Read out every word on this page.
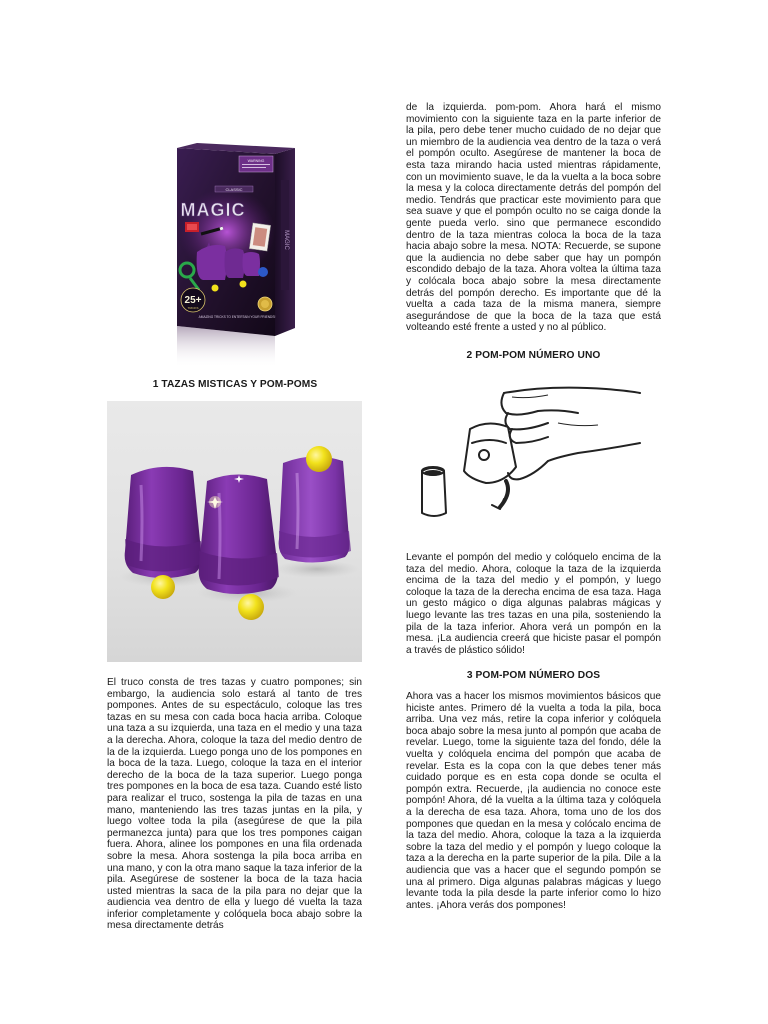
WARNING
CLASSIC
MAGIC
25+
TRICKS
AMAZING TRICKS TO ENTERTAIN YOUR FRIENDS!
MAGIC
1 TAZAS MISTICAS Y POM-POMS

El truco consta de tres tazas y cuatro pompones; sin embargo, la audiencia solo estará al tanto de tres pompones. Antes de su espectáculo, coloque las tres tazas en su mesa con cada boca hacia arriba. Coloque una taza a su izquierda, una taza en el medio y una taza a la derecha. Ahora, coloque la taza del medio dentro de la de la izquierda. Luego ponga uno de los pompones en la boca de la taza. Luego, coloque la taza en el interior derecho de la boca de la taza superior. Luego ponga tres pompones en la boca de esa taza. Cuando esté listo para realizar el truco, sostenga la pila de tazas en una mano, manteniendo las tres tazas juntas en la pila, y luego voltee toda la pila (asegúrese de que la pila permanezca junta) para que los tres pompones caigan fuera. Ahora, alinee los pompones en una fila ordenada sobre la mesa. Ahora sostenga la pila boca arriba en una mano, y con la otra mano saque la taza inferior de la pila. Asegúrese de sostener la boca de la taza hacia usted mientras la saca de la pila para no dejar que la audiencia vea dentro de ella y luego dé vuelta la taza inferior completamente y colóquela boca abajo sobre la mesa directamente detrás

de la izquierda. pom-pom. Ahora hará el mismo movimiento con la siguiente taza en la parte inferior de la pila, pero debe tener mucho cuidado de no dejar que un miembro de la audiencia vea dentro de la taza o verá el pompón oculto. Asegúrese de mantener la boca de esta taza mirando hacia usted mientras rápidamente, con un movimiento suave, le da la vuelta a la boca sobre la mesa y la coloca directamente detrás del pompón del medio. Tendrás que practicar este movimiento para que sea suave y que el pompón oculto no se caiga donde la gente pueda verlo. sino que permanece escondido dentro de la taza mientras coloca la boca de la taza hacia abajo sobre la mesa. NOTA: Recuerde, se supone que la audiencia no debe saber que hay un pompón escondido debajo de la taza. Ahora voltea la última taza y colócala boca abajo sobre la mesa directamente detrás del pompón derecho. Es importante que dé la vuelta a cada taza de la misma manera, siempre asegurándose de que la boca de la taza que está volteando esté frente a usted y no al público.

2 POM-POM NÚMERO UNO

Levante el pompón del medio y colóquelo encima de la taza del medio. Ahora, coloque la taza de la izquierda encima de la taza del medio y el pompón, y luego coloque la taza de la derecha encima de esa taza. Haga un gesto mágico o diga algunas palabras mágicas y luego levante las tres tazas en una pila, sosteniendo la pila de la taza inferior. Ahora verá un pompón en la mesa. ¡La audiencia creerá que hiciste pasar el pompón a través de plástico sólido!

3 POM-POM NÚMERO DOS

Ahora vas a hacer los mismos movimientos básicos que hiciste antes. Primero dé la vuelta a toda la pila, boca arriba. Una vez más, retire la copa inferior y colóquela boca abajo sobre la mesa junto al pompón que acaba de revelar. Luego, tome la siguiente taza del fondo, déle la vuelta y colóquela encima del pompón que acaba de revelar. Esta es la copa con la que debes tener más cuidado porque es en esta copa donde se oculta el pompón extra. Recuerde, ¡la audiencia no conoce este pompón! Ahora, dé la vuelta a la última taza y colóquela a la derecha de esa taza. Ahora, toma uno de los dos pompones que quedan en la mesa y colócalo encima de la taza del medio. Ahora, coloque la taza a la izquierda sobre la taza del medio y el pompón y luego coloque la taza a la derecha en la parte superior de la pila. Dile a la audiencia que vas a hacer que el segundo pompón se una al primero. Diga algunas palabras mágicas y luego levante toda la pila desde la parte inferior como lo hizo antes. ¡Ahora verás dos pompones!
